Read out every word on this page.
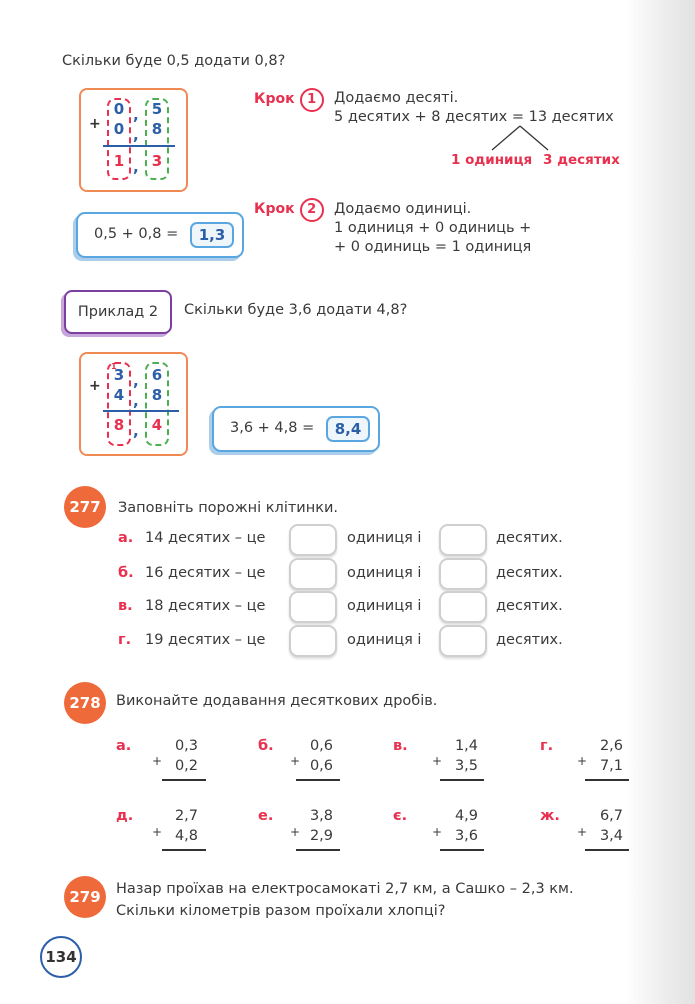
Скільки буде 0,5 додати 0,8?
+
0 , 5
0 , 8
1 , 3
0,5 + 0,8 =	1,3
Крок 1	Додаємо десяті.
5 десятих + 8 десятих = 13 десятих
1 одиниця 3 десятих
Крок 2	Додаємо одиниці.
1 одиниця + 0 одиниць +
+ 0 одиниць = 1 одиниця
Приклад 2	Скільки буде 3,6 додати 4,8?
+
1
3 , 6
4 , 8
8 , 4	3,6 + 4,8 =	8,4
277	Заповніть порожні клітинки.
а. 14 десятих – це	одиниця і	десятих.
б. 16 десятих – це	одиниця і	десятих.
в. 18 десятих – це	одиниця і	десятих.
г. 19 десятих – це	одиниця і	десятих.
278	Виконайте додавання десяткових дробів.
а.
+
0,3
0,2
б.
+
0,6
0,6
в.
+
1,4
3,5
г.
+
2,6
7,1
д.
+
2,7
4,8
е.
+
3,8
2,9
є.
+
4,9
3,6
ж.
+
6,7
3,4
279	Назар проїхав на електросамокаті 2,7 км, а Сашко – 2,3 км.
Скільки кілометрів разом проїхали хлопці?
134
